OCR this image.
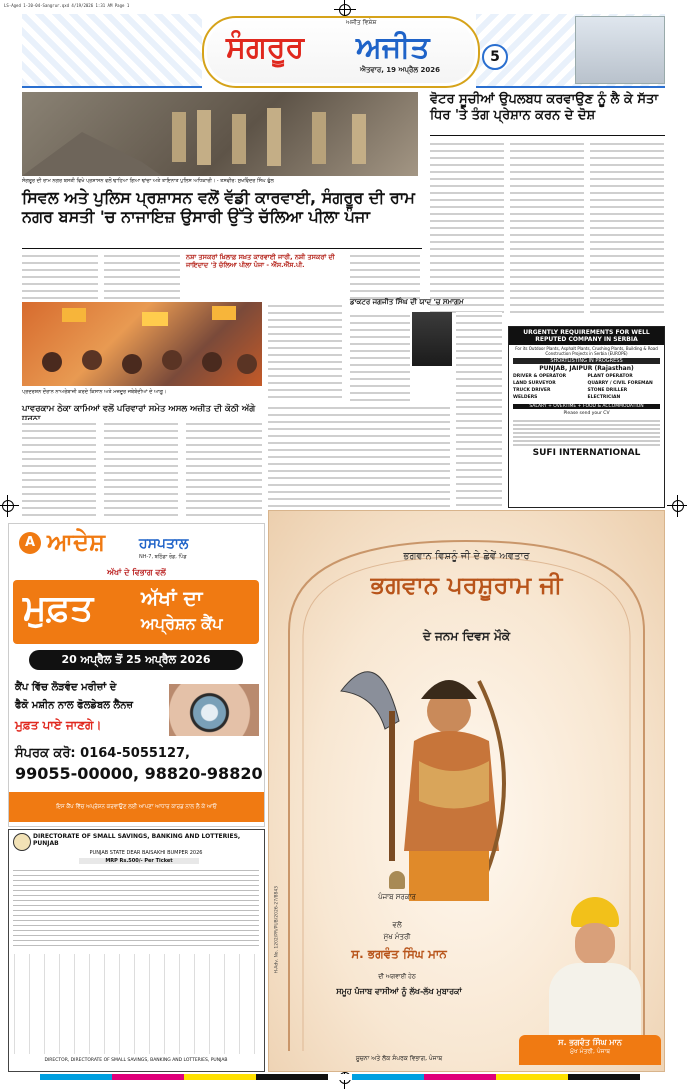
LS-Aged 1-20-04-Sangrur.qxd 4/19/2026 1:31 AM Page 1
ਅਜੀਤ ਵਿਸ਼ੇਸ਼
ਸੰਗਰੂਰ ਅਜੀਤ
ਐਤਵਾਰ, 19 ਅਪ੍ਰੈਲ 2026
5
ਸੰਗਰੂਰ ਦੀ ਰਾਮ ਨਗਰ ਬਸਤੀ ਵਿਖੇ ਪ੍ਰਸ਼ਾਸਨ ਵਲੋਂ ਢਾਹਿਆ ਗਿਆ ਢਾਂਚਾ ਅਤੇ ਤਾਇਨਾਤ ਪੁਲਿਸ ਅਧਿਕਾਰੀ। - ਤਸਵੀਰ: ਸੁਖਵਿੰਦਰ ਸਿੰਘ ਫੁੱਲ
ਵੋਟਰ ਸੂਚੀਆਂ ਉਪਲਬਧ ਕਰਵਾਉਣ ਨੂੰ ਲੈ ਕੇ ਸੱਤਾ ਧਿਰ 'ਤੇ ਤੰਗ ਪ੍ਰੇਸ਼ਾਨ ਕਰਨ ਦੇ ਦੋਸ਼
ਸਿਵਲ ਅਤੇ ਪੁਲਿਸ ਪ੍ਰਸ਼ਾਸਨ ਵਲੋਂ ਵੱਡੀ ਕਾਰਵਾਈ, ਸੰਗਰੂਰ ਦੀ ਰਾਮ ਨਗਰ ਬਸਤੀ 'ਚ ਨਾਜਾਇਜ਼ ਉਸਾਰੀ ਉੱਤੇ ਚੱਲਿਆ ਪੀਲਾ ਪੰਜਾ
ਨਸ਼ਾ ਤਸਕਰਾਂ ਖ਼ਿਲਾਫ਼ ਸਖ਼ਤ ਕਾਰਵਾਈ ਜਾਰੀ, ਨਸ਼ੀ ਤਸਕਰਾਂ ਦੀ ਜਾਇਦਾਦ 'ਤੇ ਚੱਲਿਆ ਪੀਲਾ ਪੰਜਾ - ਐੱਸ.ਐੱਸ.ਪੀ.
ਪ੍ਰਦਰਸ਼ਨ ਦੌਰਾਨ ਨਾਅਰੇਬਾਜ਼ੀ ਕਰਦੇ ਕਿਸਾਨ ਅਤੇ ਮਜ਼ਦੂਰ ਜਥੇਬੰਦੀਆਂ ਦੇ ਆਗੂ।
ਡਾਕਟਰ ਜਗਜੀਤ ਸਿੰਘ ਦੀ ਯਾਦ 'ਚ ਸਮਾਗਮ
ਪਾਵਰਕਾਮ ਠੇਕਾ ਕਾਮਿਆਂ ਵਲੋਂ ਪਰਿਵਾਰਾਂ ਸਮੇਤ ਅਸਲ ਅਜ਼ੀਤ ਦੀ ਕੋਠੀ ਅੱਗੇ
URGENTLY REQUIREMENTS FOR WELL REPUTED COMPANY IN SERBIA
For its Outdoor Plants, Asphalt Plants, Crushing Plants, Building & Road Construction Projects in Serbia (EUROPE)
SHORTLISTING IN PROGRESS
PUNJAB, JAIPUR (Rajasthan)
DRIVER & OPERATOR	PLANT OPERATOR
LAND SURVEYOR	QUARRY / CIVIL FOREMAN
TRUCK DRIVER	STONE DRILLER
WELDERS	ELECTRICIAN
SALARY + OVERTIME + FOOD & ACCOMMODATION
Please send your CV
SUFI INTERNATIONAL
A ਆਦੇਸ਼ ਹਸਪਤਾਲ
NH-7, ਬਠਿੰਡਾ ਰੋਡ, ਪਿੰਡ
ਅੱਖਾਂ ਦੇ ਵਿਭਾਗ ਵਲੋਂ
ਮੁਫ਼ਤ ਅੱਖਾਂ ਦਾ
ਅਪ੍ਰੇਸ਼ਨ ਕੈਂਪ
20 ਅਪ੍ਰੈਲ ਤੋਂ 25 ਅਪ੍ਰੈਲ 2026
ਕੈਂਪ ਵਿੱਚ ਲੋੜਵੰਦ ਮਰੀਜ਼ਾਂ ਦੇ
ਫੈਕੋ ਮਸ਼ੀਨ ਨਾਲ ਫੋਲਡੇਬਲ ਲੈੱਨਜ਼
ਮੁਫ਼ਤ ਪਾਏ ਜਾਣਗੇ।
ਸੰਪਰਕ ਕਰੋ: 0164-5055127,
99055-00000, 98820-98820
ਇਸ ਕੈਂਪ ਵਿੱਚ ਅਪ੍ਰੇਸ਼ਨ ਕਰਵਾਉਣ ਲਈ ਆਪਣਾ ਆਧਾਰ ਕਾਰਡ ਨਾਲ ਲੈ ਕੇ ਆਓ
DIRECTORATE OF SMALL SAVINGS, BANKING AND LOTTERIES, PUNJAB
PUNJAB STATE DEAR BAISAKHI BUMPER 2026
MRP Rs.500/- Per Ticket
DIRECTOR, DIRECTORATE OF SMALL SAVINGS, BANKING AND LOTTERIES, PUNJAB
ਭਗਵਾਨ ਵਿਸ਼ਨੂੰ ਜੀ ਦੇ ਛੇਵੇਂ ਅਵਤਾਰ
ਭਗਵਾਨ ਪਰਸ਼ੂਰਾਮ ਜੀ
ਦੇ ਜਨਮ ਦਿਵਸ ਮੌਕੇ
ਪੰਜਾਬ ਸਰਕਾਰ
ਵਲੋਂ
ਮੁੱਖ ਮੰਤਰੀ
ਸ. ਭਗਵੰਤ ਸਿੰਘ ਮਾਨ
ਦੀ ਅਗਵਾਈ ਹੇਠ
ਸਮੂਹ ਪੰਜਾਬ ਵਾਸੀਆਂ ਨੂੰ ਲੱਖ-ਲੱਖ ਮੁਬਾਰਕਾਂ
ਸ. ਭਗਵੰਤ ਸਿੰਘ ਮਾਨ
ਮੁੱਖ ਮੰਤਰੀ, ਪੰਜਾਬ
ਸੂਚਨਾ ਅਤੇ ਲੋਕ ਸੰਪਰਕ ਵਿਭਾਗ, ਪੰਜਾਬ
H-Adv. No. 1202/PR/PUB/2026-27/8843
